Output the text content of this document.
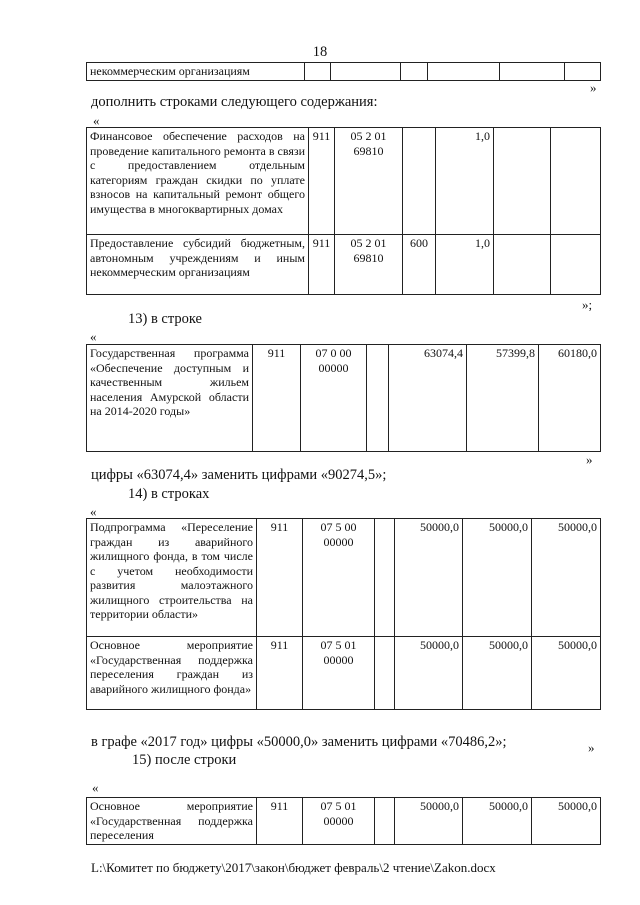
18
некоммерческим организациям						
»
дополнить строками следующего содержания:
«
Финансовое обеспечение расходов на проведение капитального ремонта в связи с предоставлением отдельным категориям граждан скидки по уплате взносов на капитальный ремонт общего имущества в многоквартирных домах	911	05 2 01 69810		1,0		
Предоставление субсидий бюджетным, автономным учреждениям и иным некоммерческим организациям	911	05 2 01 69810	600	1,0		
»;
13) в строке
«
Государственная программа «Обеспечение доступным и качественным жильем населения Амурской области на 2014-2020 годы»	911	07 0 00 00000		63074,4	57399,8	60180,0
»
цифры «63074,4» заменить цифрами «90274,5»;
14) в строках
«
Подпрограмма «Переселение граждан из аварийного жилищного фонда, в том числе с учетом необходимости развития малоэтажного жилищного строительства на территории области»	911	07 5 00 00000		50000,0	50000,0	50000,0
Основное мероприятие «Государственная поддержка переселения граждан из аварийного жилищного фонда»	911	07 5 01 00000		50000,0	50000,0	50000,0
»
в графе «2017 год» цифры «50000,0» заменить цифрами «70486,2»;
15) после строки
«
Основное мероприятие «Государственная поддержка переселения	911	07 5 01 00000		50000,0	50000,0	50000,0
L:\Комитет по бюджету\2017\закон\бюджет февраль\2 чтение\Zakon.docx
